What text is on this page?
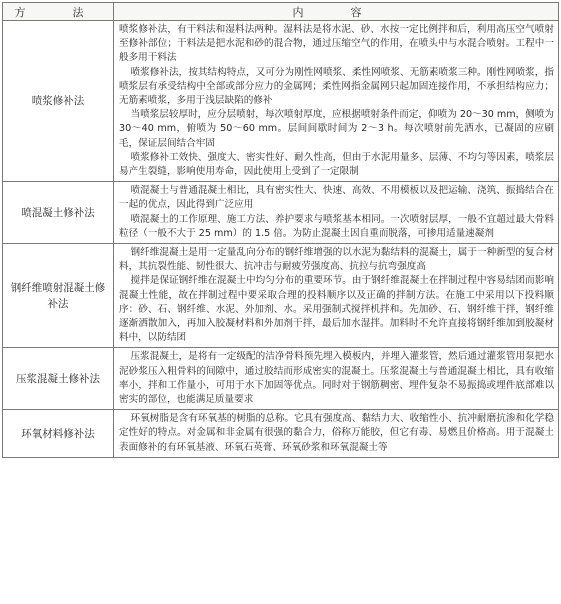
方　法	内　容
喷浆修补法	喷浆修补法，有干料法和湿料法两种。湿料法是将水泥、砂、水按一定比例拌和后，利用高压空气喷射至修补部位；干料法是把水泥和砂的混合物，通过压缩空气的作用，在喷头中与水混合喷射。工程中一般多用干料法

喷浆修补法，按其结构特点，又可分为刚性网喷浆、柔性网喷浆、无筋素喷浆三种。刚性网喷浆，指喷浆层有承受结构中全部或部分应力的金属网；柔性网指金属网只起加固连接作用，不承担结构应力；无筋素喷浆，多用于浅层缺陷的修补

当喷浆层较厚时，应分层喷射，每次喷射厚度，应根据喷射条件而定，仰喷为 20～30 mm，侧喷为 30～40 mm，俯喷为 50～60 mm。层间间歇时间为 2～3 h。每次喷射前先洒水，已凝固的应刷毛，保证层间结合牢固

喷浆修补工效快、强度大、密实性好、耐久性高，但由于水泥用量多、层薄、不均匀等因素，喷浆层易产生裂缝，影响使用寿命，因此使用上受到了一定限制

喷混凝土修补法	喷混凝土与普通混凝土相比，具有密实性大、快速、高效、不用模板以及把运输、浇筑、振捣结合在一起的优点，因此得到广泛应用

喷混凝土的工作原理、施工方法、养护要求与喷浆基本相同。一次喷射层厚，一般不宜超过最大骨料粒径（一般不大于 25 mm）的 1.5 倍。为防止混凝土因自重而脱落，可掺用适量速凝剂

钢纤维喷射混凝土修补法	钢纤维混凝土是用一定量乱向分布的钢纤维增强的以水泥为黏结料的混凝土，属于一种新型的复合材料，其抗裂性能、韧性很大、抗冲击与耐疲劳强度高、抗拉与抗弯强度高

搅拌是保证钢纤维在混凝土中均匀分布的重要环节。由于钢纤维混凝土在拌制过程中容易结团而影响混凝土性能，故在拌制过程中要采取合理的投料顺序以及正确的拌制方法。在施工中采用以下投料顺序：砂、石、钢纤维、水泥、外加剂、水。采用强制式搅拌机拌和。先加砂、石、钢纤维干拌，钢纤维逐渐洒散加入，再加入胶凝材料和外加剂干拌，最后加水湿拌。加料时不允许直接将钢纤维加到胶凝材料中，以防结团

压浆混凝土修补法	压浆混凝土，是将有一定级配的洁净骨料预先埋入模板内，并埋入灌浆管，然后通过灌浆管用泵把水泥砂浆压入粗骨料的间隙中，通过胶结而形成密实的混凝土。压浆混凝土与普通混凝土相比，具有收缩率小，拌和工作量小，可用于水下加固等优点。同时对于钢筋稠密、埋件复杂不易振捣或埋件底部难以密实的部位，也能满足质量要求

环氧材料修补法	环氧树脂是含有环氧基的树脂的总称。它具有强度高、黏结力大、收缩性小、抗冲耐磨抗渗和化学稳定性好的特点。对金属和非金属有很强的黏合力，俗称万能胶，但它有毒、易燃且价格高。用于混凝土表面修补的有环氧基液、环氧石英膏、环氧砂浆和环氧混凝土等
